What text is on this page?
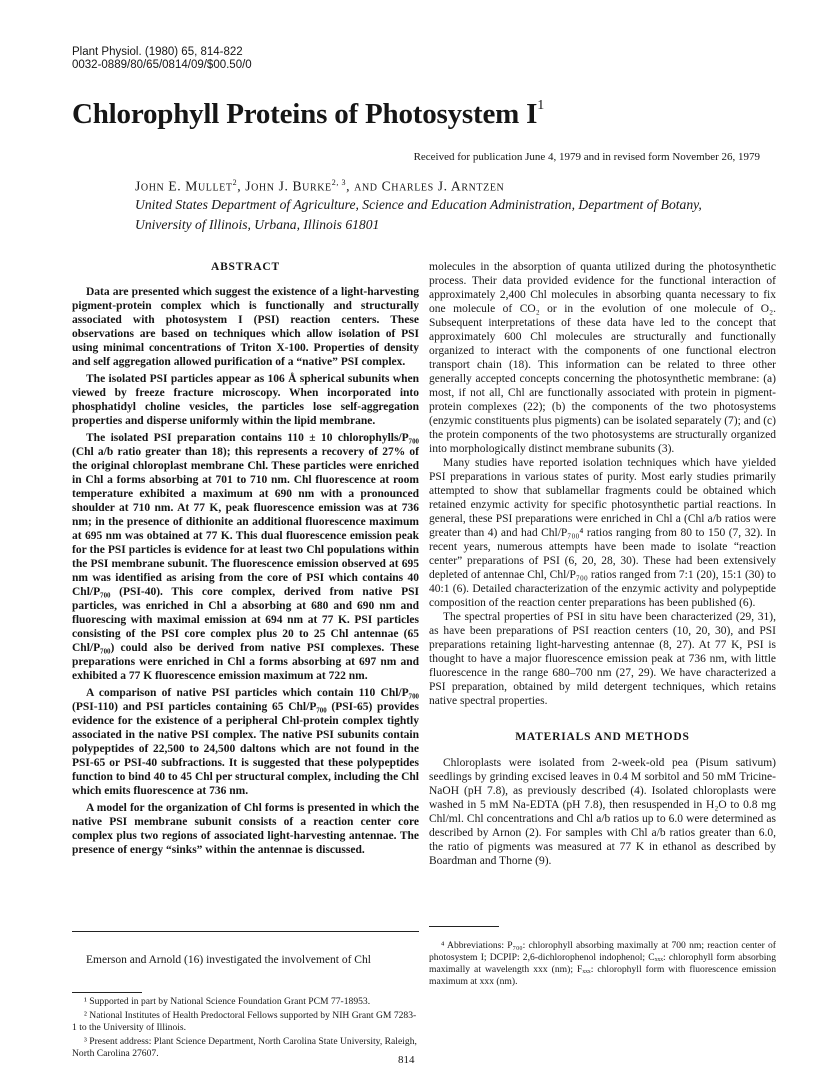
Plant Physiol. (1980) 65, 814-822
0032-0889/80/65/0814/09/$00.50/0
Chlorophyll Proteins of Photosystem $I^1$
Received for publication June 4, 1979 and in revised form November 26, 1979
John E. Mullet$^2$, John J. Burke$^{2, 3}$, and Charles J. Arntzen
United States Department of Agriculture, Science and Education Administration, Department of Botany, University of Illinois, Urbana, Illinois 61801
ABSTRACT

Data are presented which suggest the existence of a light-harvesting pigment-protein complex which is functionally and structurally associated with photosystem I (PSI) reaction centers. These observations are based on techniques which allow isolation of PSI using minimal concentrations of Triton X-100. Properties of density and self aggregation allowed purification of a “native” PSI complex.

The isolated PSI particles appear as 106 Å spherical subunits when viewed by freeze fracture microscopy. When incorporated into phosphatidyl choline vesicles, the particles lose self-aggregation properties and disperse uniformly within the lipid membrane.

The isolated PSI preparation contains 110 ± 10 chlorophylls/P₇₀₀ (Chl a/b ratio greater than 18); this represents a recovery of 27% of the original chloroplast membrane Chl. These particles were enriched in Chl a forms absorbing at 701 to 710 nm. Chl fluorescence at room temperature exhibited a maximum at 690 nm with a pronounced shoulder at 710 nm. At 77 K, peak fluorescence emission was at 736 nm; in the presence of dithionite an additional fluorescence maximum at 695 nm was obtained at 77 K. This dual fluorescence emission peak for the PSI particles is evidence for at least two Chl populations within the PSI membrane subunit. The fluorescence emission observed at 695 nm was identified as arising from the core of PSI which contains 40 Chl/P₇₀₀ (PSI-40). This core complex, derived from native PSI particles, was enriched in Chl a absorbing at 680 and 690 nm and fluorescing with maximal emission at 694 nm at 77 K. PSI particles consisting of the PSI core complex plus 20 to 25 Chl antennae (65 Chl/P₇₀₀) could also be derived from native PSI complexes. These preparations were enriched in Chl a forms absorbing at 697 nm and exhibited a 77 K fluorescence emission maximum at 722 nm.

A comparison of native PSI particles which contain 110 Chl/P₇₀₀ (PSI-110) and PSI particles containing 65 Chl/P₇₀₀ (PSI-65) provides evidence for the existence of a peripheral Chl-protein complex tightly associated in the native PSI complex. The native PSI subunits contain polypeptides of 22,500 to 24,500 daltons which are not found in the PSI-65 or PSI-40 subfractions. It is suggested that these polypeptides function to bind 40 to 45 Chl per structural complex, including the Chl which emits fluorescence at 736 nm.

A model for the organization of Chl forms is presented in which the native PSI membrane subunit consists of a reaction center core complex plus two regions of associated light-harvesting antennae. The presence of energy “sinks” within the antennae is discussed.

Emerson and Arnold (16) investigated the involvement of Chl

¹ Supported in part by National Science Foundation Grant PCM 77-18953.

² National Institutes of Health Predoctoral Fellows supported by NIH Grant GM 7283-1 to the University of Illinois.

³ Present address: Plant Science Department, North Carolina State University, Raleigh, North Carolina 27607.

molecules in the absorption of quanta utilized during the photosynthetic process. Their data provided evidence for the functional interaction of approximately 2,400 Chl molecules in absorbing quanta necessary to fix one molecule of CO₂ or in the evolution of one molecule of O₂. Subsequent interpretations of these data have led to the concept that approximately 600 Chl molecules are structurally and functionally organized to interact with the components of one functional electron transport chain (18). This information can be related to three other generally accepted concepts concerning the photosynthetic membrane: (a) most, if not all, Chl are functionally associated with protein in pigment-protein complexes (22); (b) the components of the two photosystems (enzymic constituents plus pigments) can be isolated separately (7); and (c) the protein components of the two photosystems are structurally organized into morphologically distinct membrane subunits (3).

Many studies have reported isolation techniques which have yielded PSI preparations in various states of purity. Most early studies primarily attempted to show that sublamellar fragments could be obtained which retained enzymic activity for specific photosynthetic partial reactions. In general, these PSI preparations were enriched in Chl a (Chl a/b ratios were greater than 4) and had Chl/P₇₀₀⁴ ratios ranging from 80 to 150 (7, 32). In recent years, numerous attempts have been made to isolate “reaction center” preparations of PSI (6, 20, 28, 30). These had been extensively depleted of antennae Chl, Chl/P₇₀₀ ratios ranged from 7:1 (20), 15:1 (30) to 40:1 (6). Detailed characterization of the enzymic activity and polypeptide composition of the reaction center preparations has been published (6).

The spectral properties of PSI in situ have been characterized (29, 31), as have been preparations of PSI reaction centers (10, 20, 30), and PSI preparations retaining light-harvesting antennae (8, 27). At 77 K, PSI is thought to have a major fluorescence emission peak at 736 nm, with little fluorescence in the range 680–700 nm (27, 29). We have characterized a PSI preparation, obtained by mild detergent techniques, which retains native spectral properties.

MATERIALS AND METHODS

Chloroplasts were isolated from 2-week-old pea (Pisum sativum) seedlings by grinding excised leaves in 0.4 M sorbitol and 50 mM Tricine-NaOH (pH 7.8), as previously described (4). Isolated chloroplasts were washed in 5 mM Na-EDTA (pH 7.8), then resuspended in H₂O to 0.8 mg Chl/ml. Chl concentrations and Chl a/b ratios up to 6.0 were determined as described by Arnon (2). For samples with Chl a/b ratios greater than 6.0, the ratio of pigments was measured at 77 K in ethanol as described by Boardman and Thorne (9).

⁴ Abbreviations: P₇₀₀: chlorophyll absorbing maximally at 700 nm; reaction center of photosystem I; DCPIP: 2,6-dichlorophenol indophenol; Cₓₓₓ: chlorophyll form absorbing maximally at wavelength xxx (nm); Fₓₓₓ: chlorophyll form with fluorescence emission maximum at xxx (nm).
814
